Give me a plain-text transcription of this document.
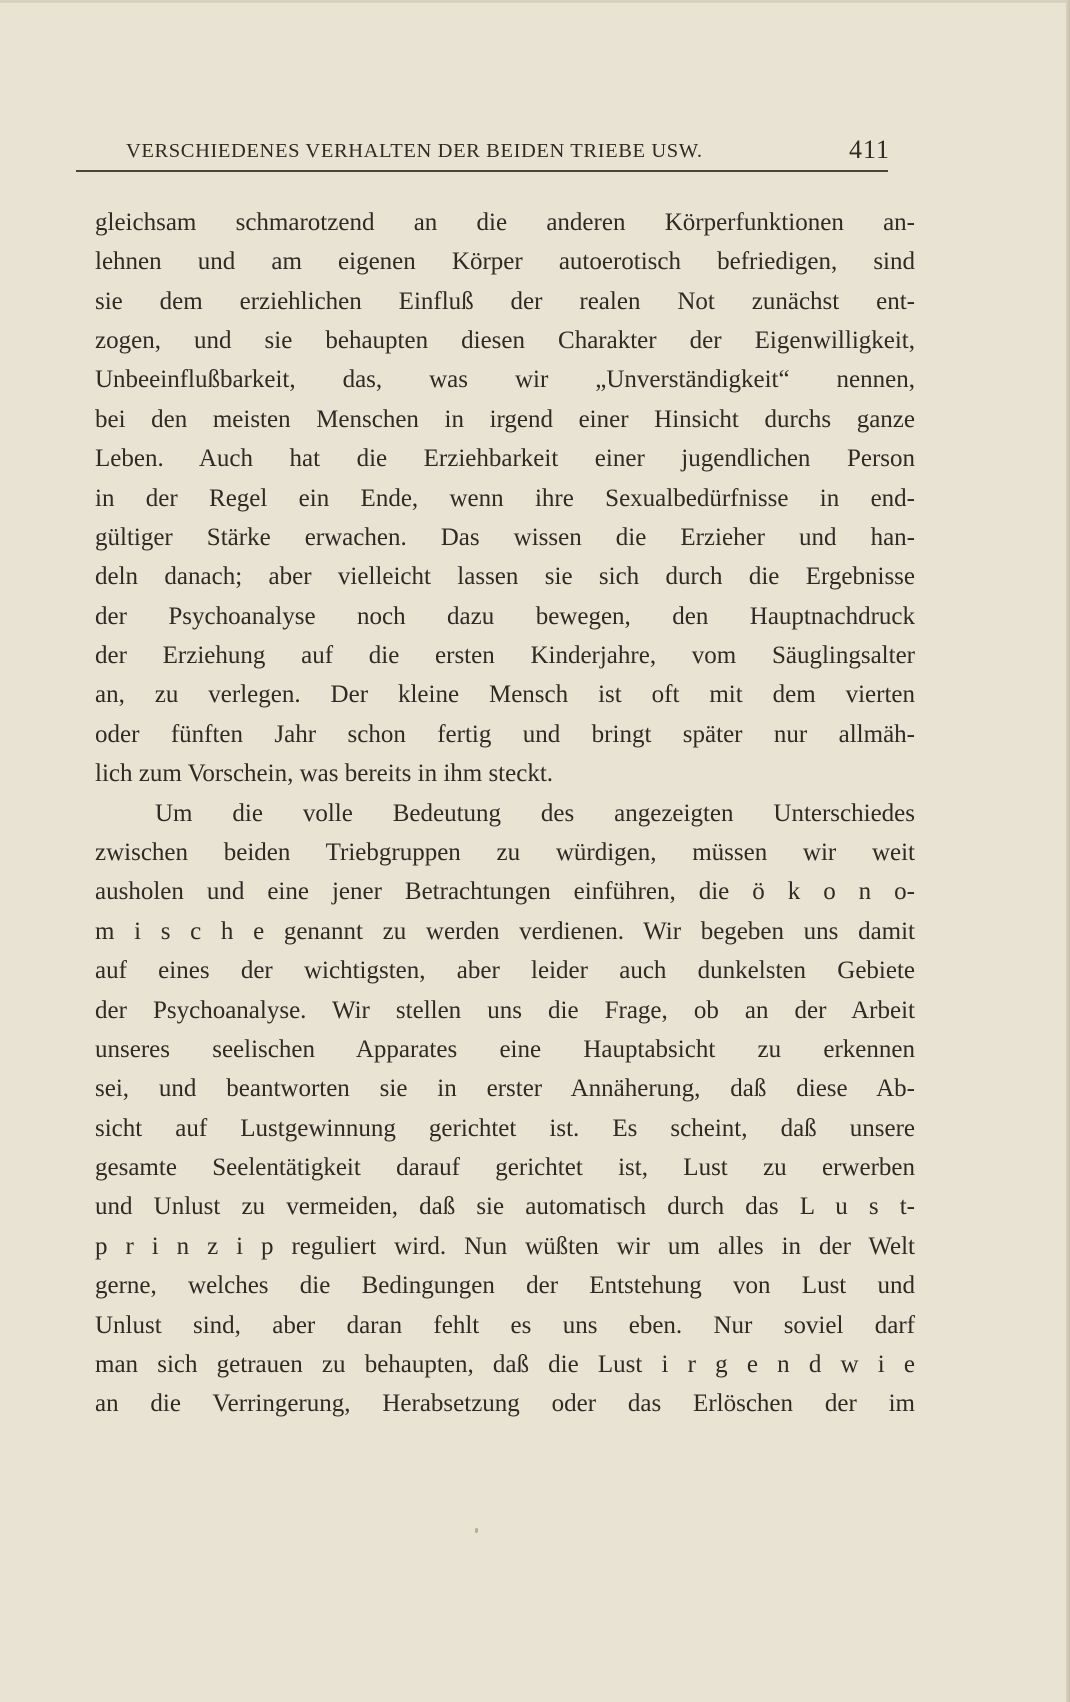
VERSCHIEDENES VERHALTEN DER BEIDEN TRIEBE USW.	411
gleichsam schmarotzend an die anderen Körperfunktionen an-
lehnen und am eigenen Körper autoerotisch befriedigen, sind
sie dem erziehlichen Einfluß der realen Not zunächst ent-
zogen, und sie behaupten diesen Charakter der Eigenwilligkeit,
Unbeeinflußbarkeit, das, was wir „Unverständigkeit“ nennen,
bei den meisten Menschen in irgend einer Hinsicht durchs ganze
Leben. Auch hat die Erziehbarkeit einer jugendlichen Person
in der Regel ein Ende, wenn ihre Sexualbedürfnisse in end-
gültiger Stärke erwachen. Das wissen die Erzieher und han-
deln danach; aber vielleicht lassen sie sich durch die Ergebnisse
der Psychoanalyse noch dazu bewegen, den Hauptnachdruck
der Erziehung auf die ersten Kinderjahre, vom Säuglingsalter
an, zu verlegen. Der kleine Mensch ist oft mit dem vierten
oder fünften Jahr schon fertig und bringt später nur allmäh-
lich zum Vorschein, was bereits in ihm steckt.
Um die volle Bedeutung des angezeigten Unterschiedes
zwischen beiden Triebgruppen zu würdigen, müssen wir weit
ausholen und eine jener Betrachtungen einführen, die ö k o n o-
m i s c h e genannt zu werden verdienen. Wir begeben uns damit
auf eines der wichtigsten, aber leider auch dunkelsten Gebiete
der Psychoanalyse. Wir stellen uns die Frage, ob an der Arbeit
unseres seelischen Apparates eine Hauptabsicht zu erkennen
sei, und beantworten sie in erster Annäherung, daß diese Ab-
sicht auf Lustgewinnung gerichtet ist. Es scheint, daß unsere
gesamte Seelentätigkeit darauf gerichtet ist, Lust zu erwerben
und Unlust zu vermeiden, daß sie automatisch durch das L u s t-
p r i n z i p reguliert wird. Nun wüßten wir um alles in der Welt
gerne, welches die Bedingungen der Entstehung von Lust und
Unlust sind, aber daran fehlt es uns eben. Nur soviel darf
man sich getrauen zu behaupten, daß die Lust i r g e n d w i e
an die Verringerung, Herabsetzung oder das Erlöschen der im
